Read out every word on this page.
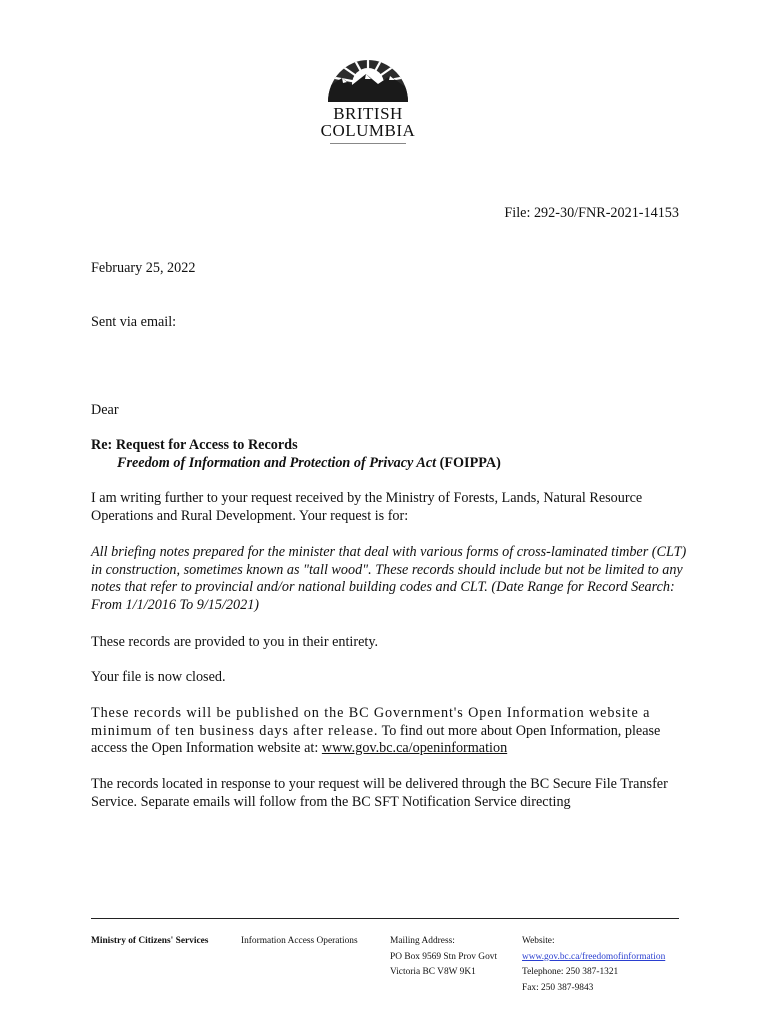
BRITISH
COLUMBIA
File: 292-30/FNR-2021-14153

February 25, 2022

Sent via email:

Dear

Re: Request for Access to Records

Freedom of Information and Protection of Privacy Act (FOIPPA)

I am writing further to your request received by the Ministry of Forests, Lands, Natural Resource Operations and Rural Development. Your request is for:

All briefing notes prepared for the minister that deal with various forms of cross-laminated timber (CLT) in construction, sometimes known as "tall wood". These records should include but not be limited to any notes that refer to provincial and/or national building codes and CLT. (Date Range for Record Search: From 1/1/2016 To 9/15/2021)

These records are provided to you in their entirety.

Your file is now closed.

These records will be published on the BC Government's Open Information website a minimum of ten business days after release. To find out more about Open Information, please access the Open Information website at: www.gov.bc.ca/openinformation

The records located in response to your request will be delivered through the BC Secure File Transfer Service. Separate emails will follow from the BC SFT Notification Service directing

Ministry of Citizens' Services	Information Access Operations	Mailing Address:
PO Box 9569 Stn Prov Govt
Victoria BC V8W 9K1
Website:
www.gov.bc.ca/freedomofinformation
Telephone: 250 387-1321
Fax: 250 387-9843
